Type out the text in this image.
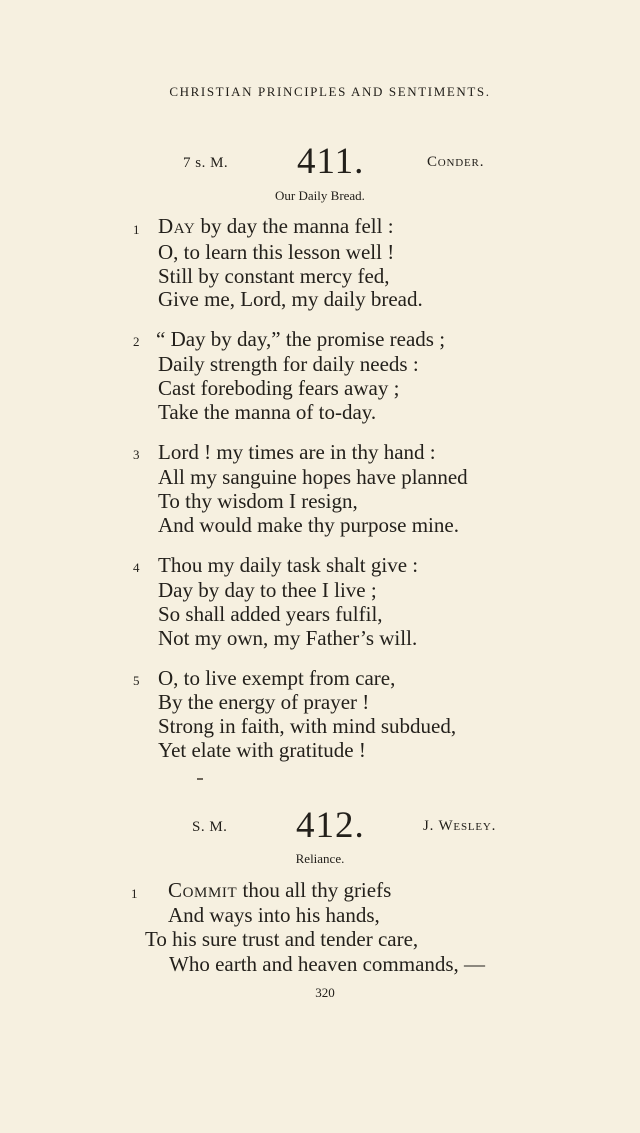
CHRISTIAN PRINCIPLES AND SENTIMENTS.

7 s. M. 411.	Conder.
Our Daily Bread.
1 Day by day the manna fell :
O, to learn this lesson well !
Still by constant mercy fed,
Give me, Lord, my daily bread.
2 “ Day by day,” the promise reads ;
Daily strength for daily needs :
Cast foreboding fears away ;
Take the manna of to-day.
3 Lord ! my times are in thy hand :
All my sanguine hopes have planned
To thy wisdom I resign,
And would make thy purpose mine.
4 Thou my daily task shalt give :
Day by day to thee I live ;
So shall added years fulfil,
Not my own, my Father’s will.
5 O, to live exempt from care,
By the energy of prayer !
Strong in faith, with mind subdued,
Yet elate with gratitude !
S. M. 412.	J. Wesley.
Reliance.
1 Commit thou all thy griefs
And ways into his hands,
To his sure trust and tender care,
Who earth and heaven commands, —
320
